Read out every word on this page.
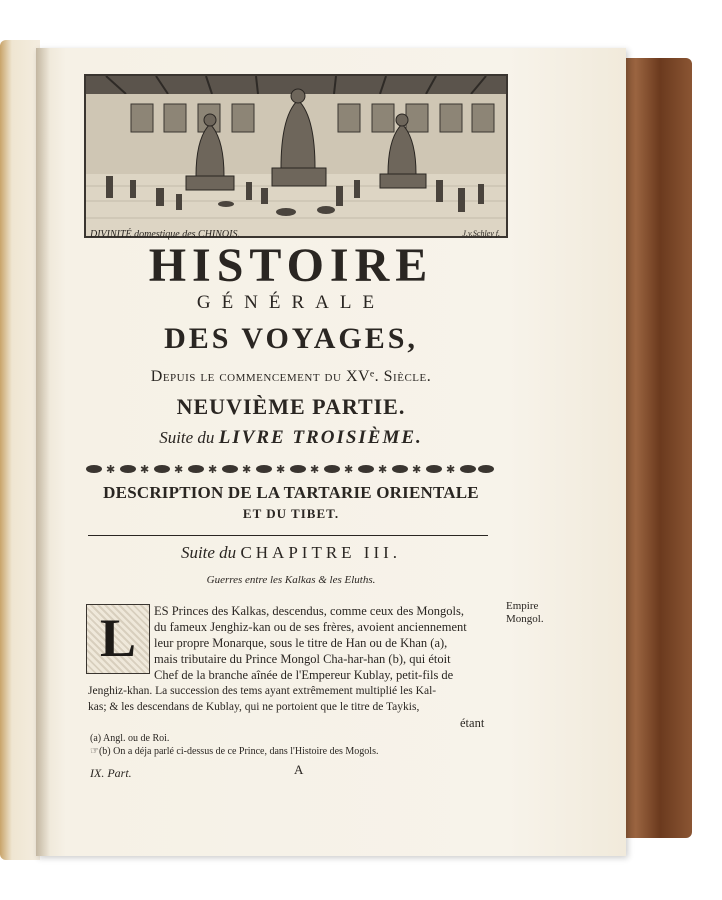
DIVINITÉ domestique des CHINOIS.	J.v.Schley f.
HISTOIRE
GÉNÉRALE
DES VOYAGES,
Depuis le commencement du XVᵉ. Siècle.
NEUVIÈME PARTIE.
Suite du LIVRE TROISIÈME.
✱ ✱ ✱ ✱ ✱ ✱ ✱ ✱ ✱ ✱ ✱
DESCRIPTION DE LA TARTARIE ORIENTALE
ET DU TIBET.
Suite du CHAPITRE III.
Guerres entre les Kalkas & les Eluths.
L	ES Princes des Kalkas, descendus, comme ceux des Mongols,
du fameux Jenghiz-kan ou de ses frères, avoient anciennement
leur propre Monarque, sous le titre de Han ou de Khan (a),
mais tributaire du Prince Mongol Cha-har-han (b), qui étoit
Chef de la branche aînée de l'Empereur Kublay, petit-fils de
Jenghiz-khan. La succession des tems ayant extrêmement multiplié les Kal-
kas; & les descendans de Kublay, qui ne portoient que le titre de Taykis,
étant
Empire
Mongol.
(a) Angl. ou de Roi.
☞(b) On a déja parlé ci-dessus de ce Prince, dans l'Histoire des Mogols.
IX. Part.	A
